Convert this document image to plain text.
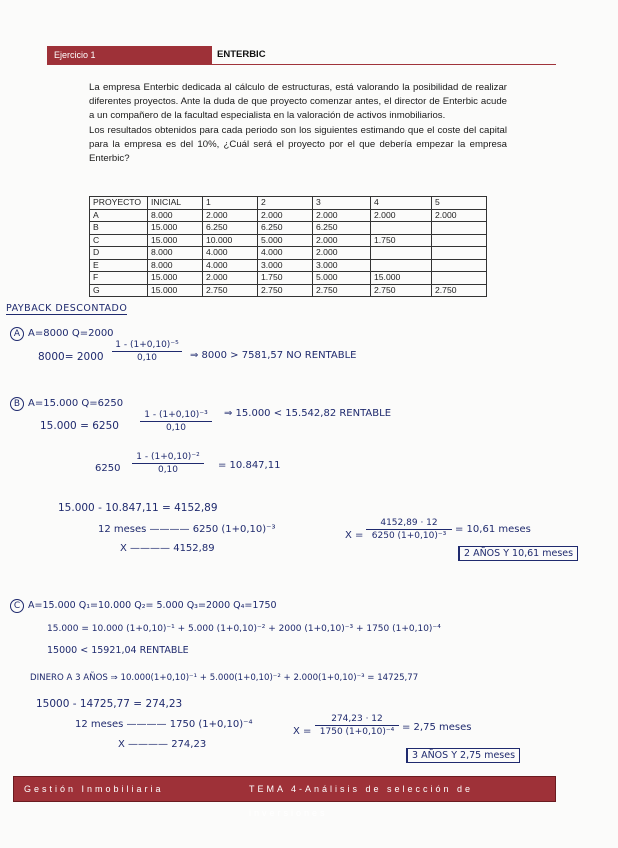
Ejercicio 1	ENTERBIC

La empresa Enterbic dedicada al cálculo de estructuras, está valorando la posibilidad de realizar diferentes proyectos. Ante la duda de que proyecto comenzar antes, el director de Enterbic acude a un compañero de la facultad especialista en la valoración de activos inmobiliarios.

Los resultados obtenidos para cada periodo son los siguientes estimando que el coste del capital para la empresa es del 10%, ¿Cuál será el proyecto por el que debería empezar la empresa Enterbic?

PROYECTO	INICIAL	1	2	3	4	5
A	8.000	2.000	2.000	2.000	2.000	2.000
B	15.000	6.250	6.250	6.250		
C	15.000	10.000	5.000	2.000	1.750	
D	8.000	4.000	4.000	2.000		
E	8.000	4.000	3.000	3.000		
F	15.000	2.000	1.750	5.000	15.000	
G	15.000	2.750	2.750	2.750	2.750	2.750
PAYBACK DESCONTADO
A A=8000 Q=2000
$8000= 2000 \frac{\text{1 - (1+0,10)⁻⁵}}{0,10}$ ⇒ 8000 > 7581,57 NO RENTABLE
B A=15.000 Q=6250
$15.000 = 6250 \frac{\text{1 - (1+0,10)⁻³}}{0,10}$ ⇒ 15.000 < 15.542,82 RENTABLE
$6250 \frac{\text{1 - (1+0,10)⁻²}}{0,10} = 10.847,11$
15.000 - 10.847,11 = 4152,89
12 meses ———— 6250 (1+0,10)⁻³
X ———— 4152,89
$X = \frac{4152,89 \cdot 12}{\text{6250 (1+0,10)⁻³}} = 10,61$ meses
2 AÑOS Y 10,61 meses
C A=15.000 Q₁=10.000 Q₂= 5.000 Q₃=2000 Q₄=1750
15.000 = 10.000 (1+0,10)⁻¹ + 5.000 (1+0,10)⁻² + 2000 (1+0,10)⁻³ + 1750 (1+0,10)⁻⁴
15000 < 15921,04 RENTABLE
DINERO A 3 AÑOS ⇒ 10.000(1+0,10)⁻¹ + 5.000(1+0,10)⁻² + 2.000(1+0,10)⁻³ = 14725,77
15000 - 14725,77 = 274,23
12 meses ———— 1750 (1+0,10)⁻⁴
X ———— 274,23
$X = \frac{274,23 \cdot 12}{\text{1750 (1+0,10)⁻⁴}} = 2,75$ meses
3 AÑOS Y 2,75 meses
Gestión Inmobiliaria	TEMA 4-Análisis de selección de inversiones
